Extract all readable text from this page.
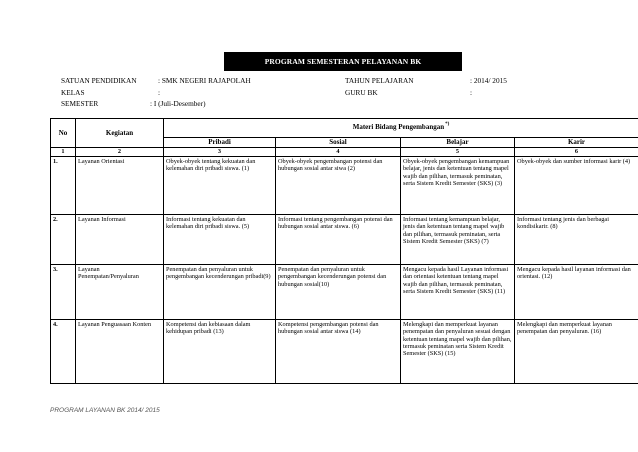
PROGRAM SEMESTERAN PELAYANAN BK
SATUAN PENDIDIKAN	: SMK NEGERI RAJAPOLAH	TAHUN PELAJARAN	: 2014/ 2015
KELAS	:	GURU BK	:
SEMESTER	: I (Juli-Desember)
No	Kegiatan	Materi Bidang Pengembangan*)
		Pribadi	Sosial	Belajar	Karir
1	2	3	4	5	6
1.	Layanan Orientasi	Obyek-obyek tentang kekuatan dan kelemahan diri pribadi siswa. (1)	Obyek-obyek pengembangan potensi dan hubungan sosial antar siwa (2)	Obyek-obyek pengembangan kemampuan belajar, jenis dan ketentuan tentang mapel wajib dan pilihan, termasuk peminatan, serta Sistem Kredit Semester (SKS) (3)	Obyek-obyek dan sumber informasi karir (4)
2.	Layanan Informasi	Informasi tentang kekuatan dan kelemahan diri pribadi siswa. (5)	Informasi tentang pengembangan potensi dan hubungan sosial antar siswa. (6)	Informasi tentang kemampuan belajar, jenis dan ketentuan tentang mapel wajib dan pilihan, termasuk peminatan, serta Sistem Kredit Semester (SKS) (7)	Informasi tentang jenis dan berbagai kondisikarir. (8)
3.	Layanan Penempatan/Penyaluran	Penempatan dan penyaluran untuk pengembangan kecenderungan pribadi(9)	Penempatan dan penyaluran untuk pengembangan kecenderungan potensi dan hubungan sosial(10)	Mengacu kepada hasil Layanan informasi dan orientasi ketentuan tentang mapel wajib dan pilihan, termasuk peminatan, serta Sistem Kredit Semester (SKS) (11)	Mengacu kepada hasil layanan informasi dan orientasi. (12)
4.	Layanan Penguasaan Konten	Kompetensi dan kebiasaan dalam kehidupan pribadi (13)	Kompetensi pengembangan potensi dan hubungan sosial antar siswa (14)	Melengkapi dan memperkuat layanan penempatan dan penyaluran sesuai dengan ketentuan tentang mapel wajib dan pilihan, termasuk peminatan serta Sistem Kredit Semester (SKS) (15)	Melengkapi dan memperkuat layanan penempatan dan penyaluran. (16)
PROGRAM LAYANAN BK 2014/ 2015
